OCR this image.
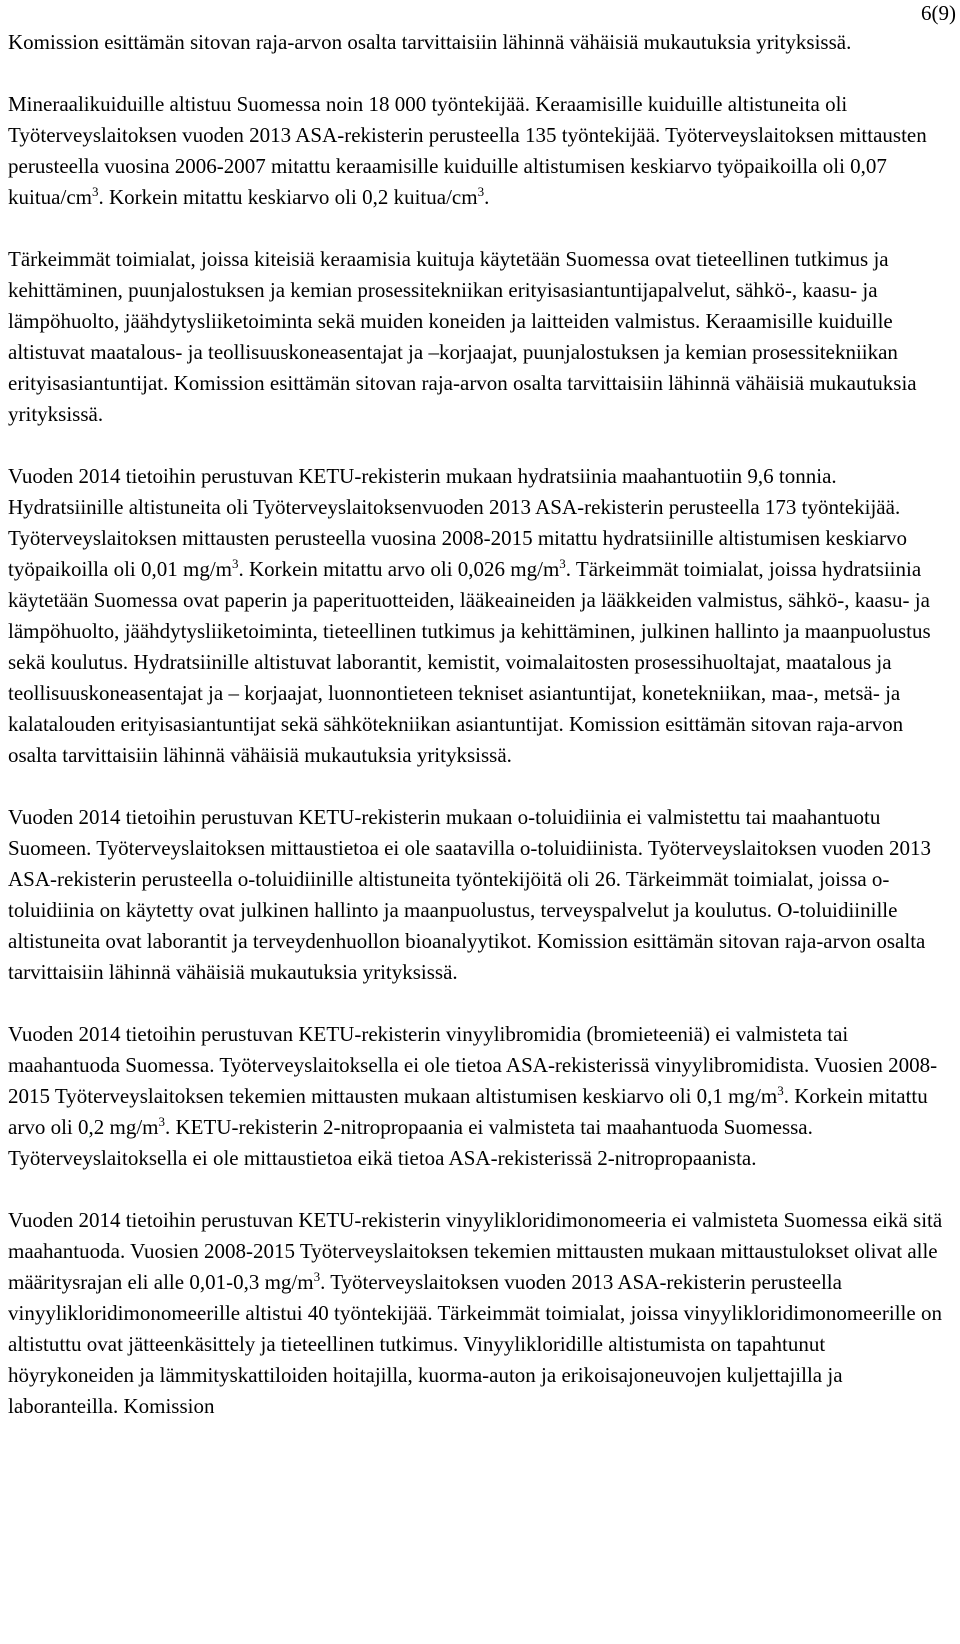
6(9)

Komission esittämän sitovan raja-arvon osalta tarvittaisiin lähinnä vähäisiä mukautuksia yrityksissä.

Mineraalikuiduille altistuu Suomessa noin 18 000 työntekijää. Keraamisille kuiduille altistuneita oli Työterveyslaitoksen vuoden 2013 ASA-rekisterin perusteella 135 työntekijää. Työterveyslaitoksen mittausten perusteella vuosina 2006-2007 mitattu keraamisille kuiduille altistumisen keskiarvo työpaikoilla oli 0,07 kuitua/$cm^3$. Korkein mitattu keskiarvo oli 0,2 kuitua/$cm^3$.

Tärkeimmät toimialat, joissa kiteisiä keraamisia kuituja käytetään Suomessa ovat tieteellinen tutkimus ja kehittäminen, puunjalostuksen ja kemian prosessitekniikan erityisasiantuntijapalvelut, sähkö-, kaasu- ja lämpöhuolto, jäähdytysliiketoiminta sekä muiden koneiden ja laitteiden valmistus. Keraamisille kuiduille altistuvat maatalous- ja teollisuuskoneasentajat ja –korjaajat, puunjalostuksen ja kemian prosessitekniikan erityisasiantuntijat. Komission esittämän sitovan raja-arvon osalta tarvittaisiin lähinnä vähäisiä mukautuksia yrityksissä.

Vuoden 2014 tietoihin perustuvan KETU-rekisterin mukaan hydratsiinia maahantuotiin 9,6 tonnia. Hydratsiinille altistuneita oli Työterveyslaitoksenvuoden 2013 ASA-rekisterin perusteella 173 työntekijää. Työterveyslaitoksen mittausten perusteella vuosina 2008-2015 mitattu hydratsiinille altistumisen keskiarvo työpaikoilla oli 0,01 $mg/m^3$. Korkein mitattu arvo oli 0,026 $mg/m^3$. Tärkeimmät toimialat, joissa hydratsiinia käytetään Suomessa ovat paperin ja paperituotteiden, lääkeaineiden ja lääkkeiden valmistus, sähkö-, kaasu- ja lämpöhuolto, jäähdytysliiketoiminta, tieteellinen tutkimus ja kehittäminen, julkinen hallinto ja maanpuolustus sekä koulutus. Hydratsiinille altistuvat laborantit, kemistit, voimalaitosten prosessihuoltajat, maatalous ja teollisuuskoneasentajat ja – korjaajat, luonnontieteen tekniset asiantuntijat, konetekniikan, maa-, metsä- ja kalatalouden erityisasiantuntijat sekä sähkötekniikan asiantuntijat. Komission esittämän sitovan raja-arvon osalta tarvittaisiin lähinnä vähäisiä mukautuksia yrityksissä.

Vuoden 2014 tietoihin perustuvan KETU-rekisterin mukaan o-toluidiinia ei valmistettu tai maahantuotu Suomeen. Työterveyslaitoksen mittaustietoa ei ole saatavilla o-toluidiinista. Työterveyslaitoksen vuoden 2013 ASA-rekisterin perusteella o-toluidiinille altistuneita työntekijöitä oli 26. Tärkeimmät toimialat, joissa o-toluidiinia on käytetty ovat julkinen hallinto ja maanpuolustus, terveyspalvelut ja koulutus. O-toluidiinille altistuneita ovat laborantit ja terveydenhuollon bioanalyytikot. Komission esittämän sitovan raja-arvon osalta tarvittaisiin lähinnä vähäisiä mukautuksia yrityksissä.

Vuoden 2014 tietoihin perustuvan KETU-rekisterin vinyylibromidia (bromieteeniä) ei valmisteta tai maahantuoda Suomessa. Työterveyslaitoksella ei ole tietoa ASA-rekisterissä vinyylibromidista. Vuosien 2008-2015 Työterveyslaitoksen tekemien mittausten mukaan altistumisen keskiarvo oli 0,1 $mg/m^3$. Korkein mitattu arvo oli 0,2 $mg/m^3$. KETU-rekisterin 2-nitropropaania ei valmisteta tai maahantuoda Suomessa. Työterveyslaitoksella ei ole mittaustietoa eikä tietoa ASA-rekisterissä 2-nitropropaanista.

Vuoden 2014 tietoihin perustuvan KETU-rekisterin vinyylikloridimonomeeria ei valmisteta Suomessa eikä sitä maahantuoda. Vuosien 2008-2015 Työterveyslaitoksen tekemien mittausten mukaan mittaustulokset olivat alle määritysrajan eli alle 0,01-0,3 $mg/m^3$. Työterveyslaitoksen vuoden 2013 ASA-rekisterin perusteella vinyylikloridimonomeerille altistui 40 työntekijää. Tärkeimmät toimialat, joissa vinyylikloridimonomeerille on altistuttu ovat jätteenkäsittely ja tieteellinen tutkimus. Vinyylikloridille altistumista on tapahtunut höyrykoneiden ja lämmityskattiloiden hoitajilla, kuorma-auton ja erikoisajoneuvojen kuljettajilla ja laboranteilla. Komission
